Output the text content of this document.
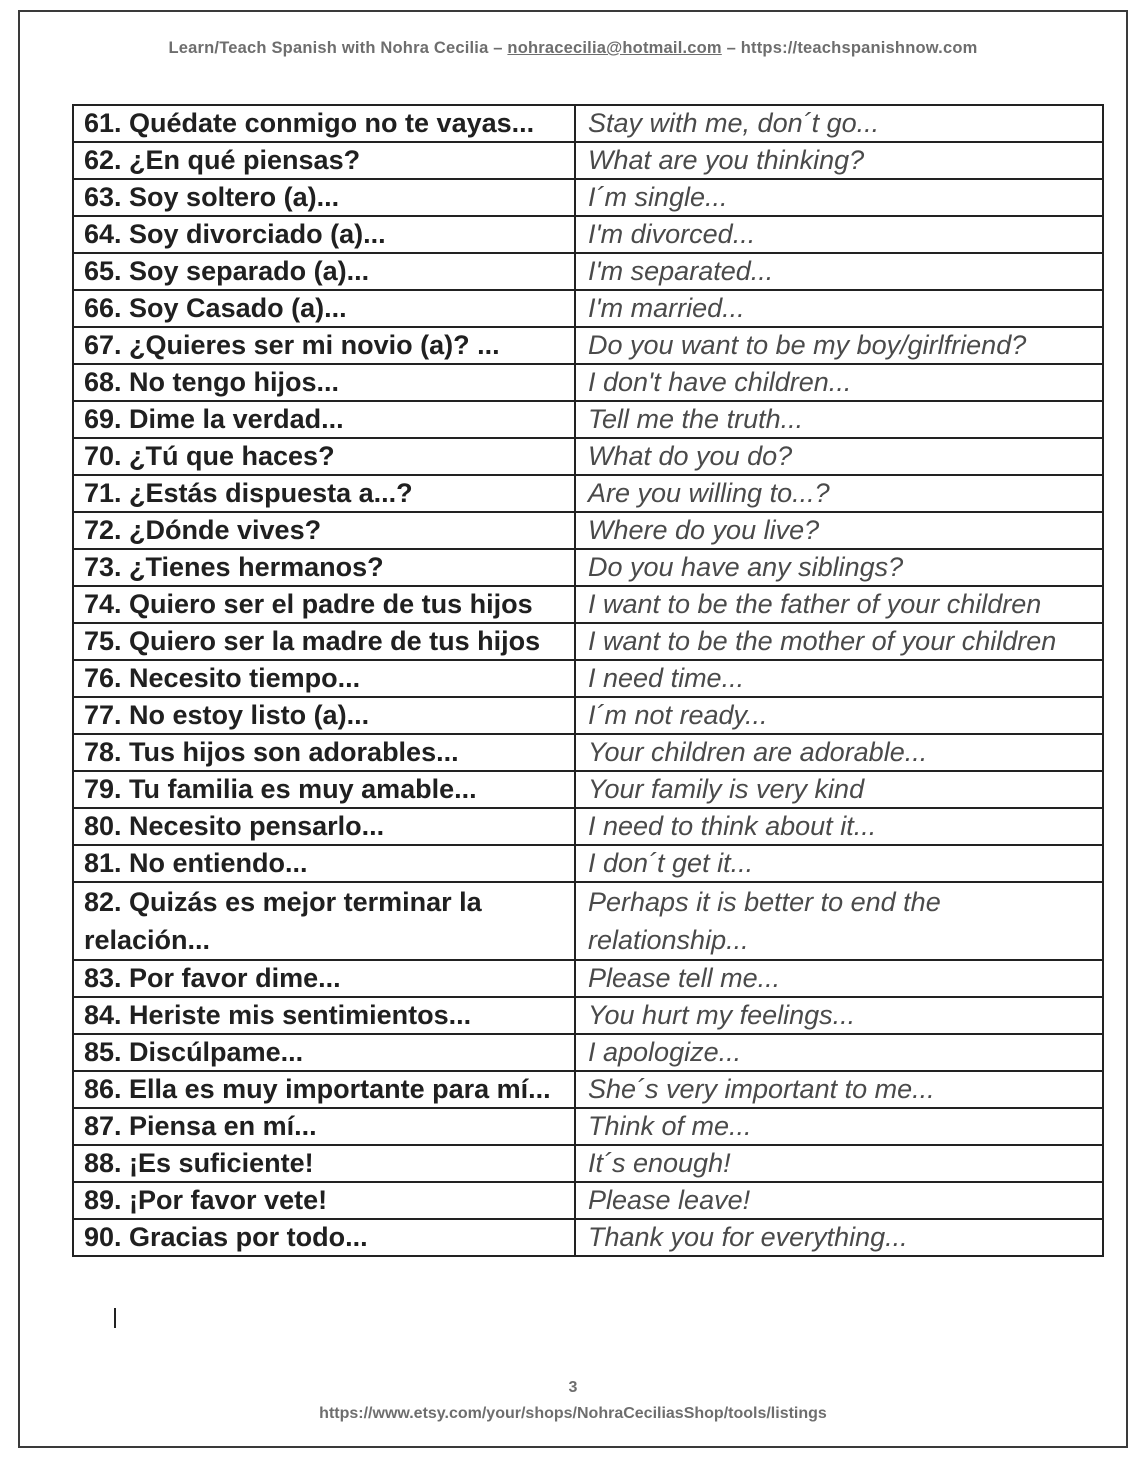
Learn/Teach Spanish with Nohra Cecilia – nohracecilia@hotmail.com – https://teachspanishnow.com
61. Quédate conmigo no te vayas...	Stay with me, don´t go...
62. ¿En qué piensas?	What are you thinking?
63. Soy soltero (a)...	I´m single...
64. Soy divorciado (a)...	I'm divorced...
65. Soy separado (a)...	I'm separated...
66. Soy Casado (a)...	I'm married...
67. ¿Quieres ser mi novio (a)? ...	Do you want to be my boy/girlfriend?
68. No tengo hijos...	I don't have children...
69. Dime la verdad...	Tell me the truth...
70. ¿Tú que haces?	What do you do?
71. ¿Estás dispuesta a...?	Are you willing to...?
72. ¿Dónde vives?	Where do you live?
73. ¿Tienes hermanos?	Do you have any siblings?
74. Quiero ser el padre de tus hijos	I want to be the father of your children
75. Quiero ser la madre de tus hijos	I want to be the mother of your children
76. Necesito tiempo...	I need time...
77. No estoy listo (a)...	I´m not ready...
78. Tus hijos son adorables...	Your children are adorable...
79. Tu familia es muy amable...	Your family is very kind
80. Necesito pensarlo...	I need to think about it...
81. No entiendo...	I don´t get it...
82. Quizás es mejor terminar la relación...	Perhaps it is better to end the relationship...
83. Por favor dime...	Please tell me...
84. Heriste mis sentimientos...	You hurt my feelings...
85. Discúlpame...	I apologize...
86. Ella es muy importante para mí...	She´s very important to me...
87. Piensa en mí...	Think of me...
88. ¡Es suficiente!	It´s enough!
89. ¡Por favor vete!	Please leave!
90. Gracias por todo...	Thank you for everything...
3
https://www.etsy.com/your/shops/NohraCeciliasShop/tools/listings
